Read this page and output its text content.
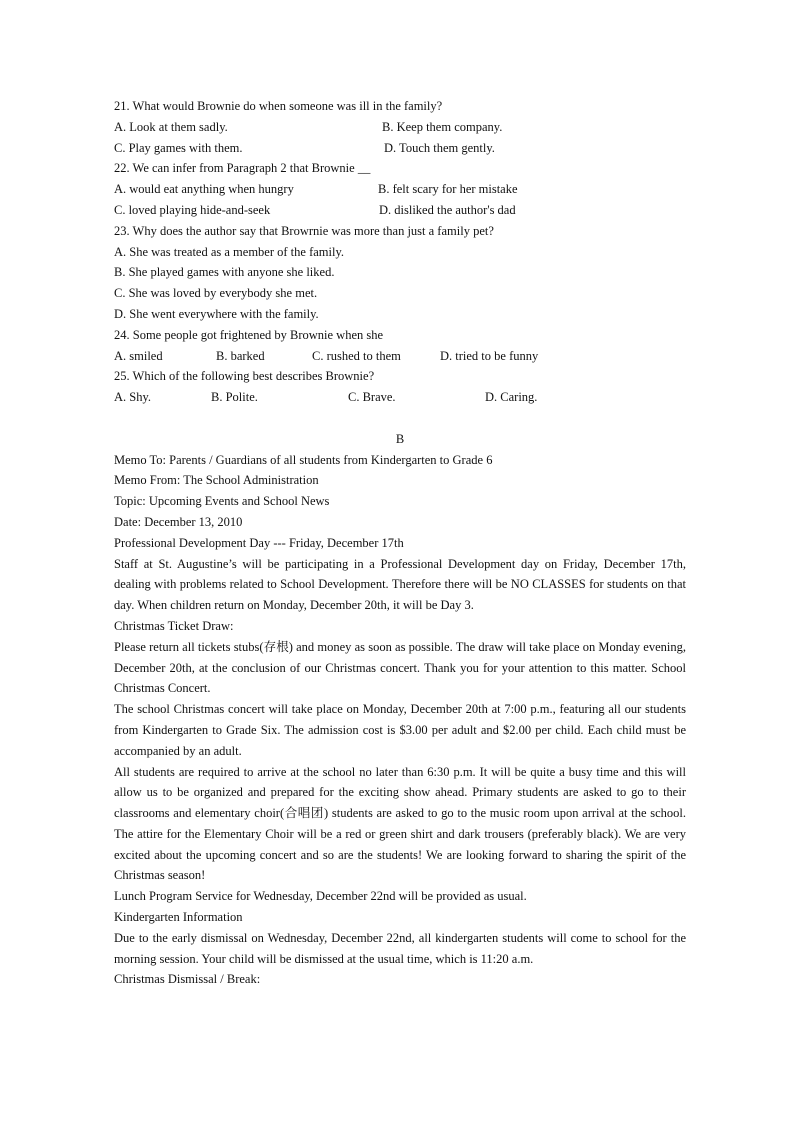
21. What would Brownie do when someone was ill in the family?
A. Look at them sadly.	B. Keep them company.
C. Play games with them.	D. Touch them gently.
22. We can infer from Paragraph 2 that Brownie __
A. would eat anything when hungry	B. felt scary for her mistake
C. loved playing hide-and-seek	D. disliked the author's dad
23. Why does the author say that Browrnie was more than just a family pet?
A. She was treated as a member of the family.
B. She played games with anyone she liked.
C. She was loved by everybody she met.
D. She went everywhere with the family.
24. Some people got frightened by Brownie when she
A. smiled	B. barked	C. rushed to them	D. tried to be funny
25. Which of the following best describes Brownie?
A. Shy.	B. Polite.	C. Brave.	D. Caring.
B
Memo To: Parents / Guardians of all students from Kindergarten to Grade 6
Memo From: The School Administration
Topic: Upcoming Events and School News
Date: December 13, 2010
Professional Development Day --- Friday, December 17th
Staff at St. Augustine’s will be participating in a Professional Development day on Friday, December 17th, dealing with problems related to School Development. Therefore there will be NO CLASSES for students on that day. When children return on Monday, December 20th, it will be Day 3.
Christmas Ticket Draw:
Please return all tickets stubs(存根) and money as soon as possible. The draw will take place on Monday evening, December 20th, at the conclusion of our Christmas concert. Thank you for your attention to this matter. School Christmas Concert.
The school Christmas concert will take place on Monday, December 20th at 7:00 p.m., featuring all our students from Kindergarten to Grade Six. The admission cost is $3.00 per adult and $2.00 per child. Each child must be accompanied by an adult.
All students are required to arrive at the school no later than 6:30 p.m. It will be quite a busy time and this will allow us to be organized and prepared for the exciting show ahead. Primary students are asked to go to their classrooms and elementary choir(合唱团) students are asked to go to the music room upon arrival at the school. The attire for the Elementary Choir will be a red or green shirt and dark trousers (preferably black). We are very excited about the upcoming concert and so are the students! We are looking forward to sharing the spirit of the Christmas season!
Lunch Program Service for Wednesday, December 22nd will be provided as usual.
Kindergarten Information
Due to the early dismissal on Wednesday, December 22nd, all kindergarten students will come to school for the morning session. Your child will be dismissed at the usual time, which is 11:20 a.m.
Christmas Dismissal / Break:
